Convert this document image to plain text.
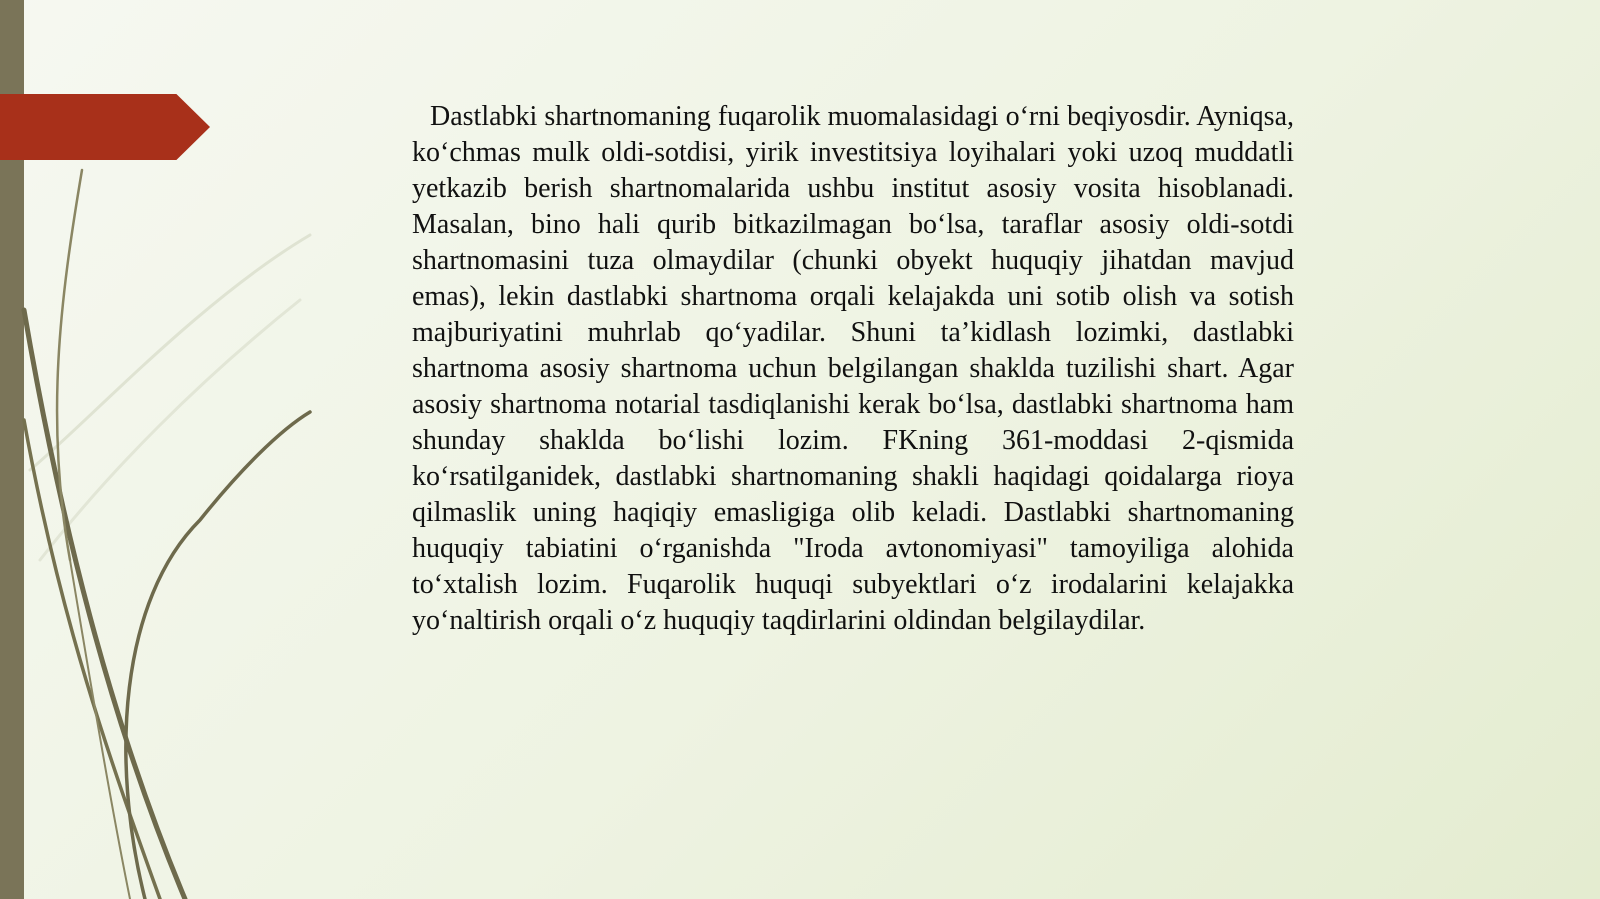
Dastlabki shartnomaning fuqarolik muomalasidagi o‘rni beqiyosdir. Ayniqsa, ko‘chmas mulk oldi-sotdisi, yirik investitsiya loyihalari yoki uzoq muddatli yetkazib berish shartnomalarida ushbu institut asosiy vosita hisoblanadi. Masalan, bino hali qurib bitkazilmagan bo‘lsa, taraflar asosiy oldi-sotdi shartnomasini tuza olmaydilar (chunki obyekt huquqiy jihatdan mavjud emas), lekin dastlabki shartnoma orqali kelajakda uni sotib olish va sotish majburiyatini muhrlab qo‘yadilar. Shuni ta’kidlash lozimki, dastlabki shartnoma asosiy shartnoma uchun belgilangan shaklda tuzilishi shart. Agar asosiy shartnoma notarial tasdiqlanishi kerak bo‘lsa, dastlabki shartnoma ham shunday shaklda bo‘lishi lozim. FKning 361-moddasi 2-qismida ko‘rsatilganidek, dastlabki shartnomaning shakli haqidagi qoidalarga rioya qilmaslik uning haqiqiy emasligiga olib keladi. Dastlabki shartnomaning huquqiy tabiatini o‘rganishda "Iroda avtonomiyasi" tamoyiliga alohida to‘xtalish lozim. Fuqarolik huquqi subyektlari o‘z irodalarini kelajakka yo‘naltirish orqali o‘z huquqiy taqdirlarini oldindan belgilaydilar.
